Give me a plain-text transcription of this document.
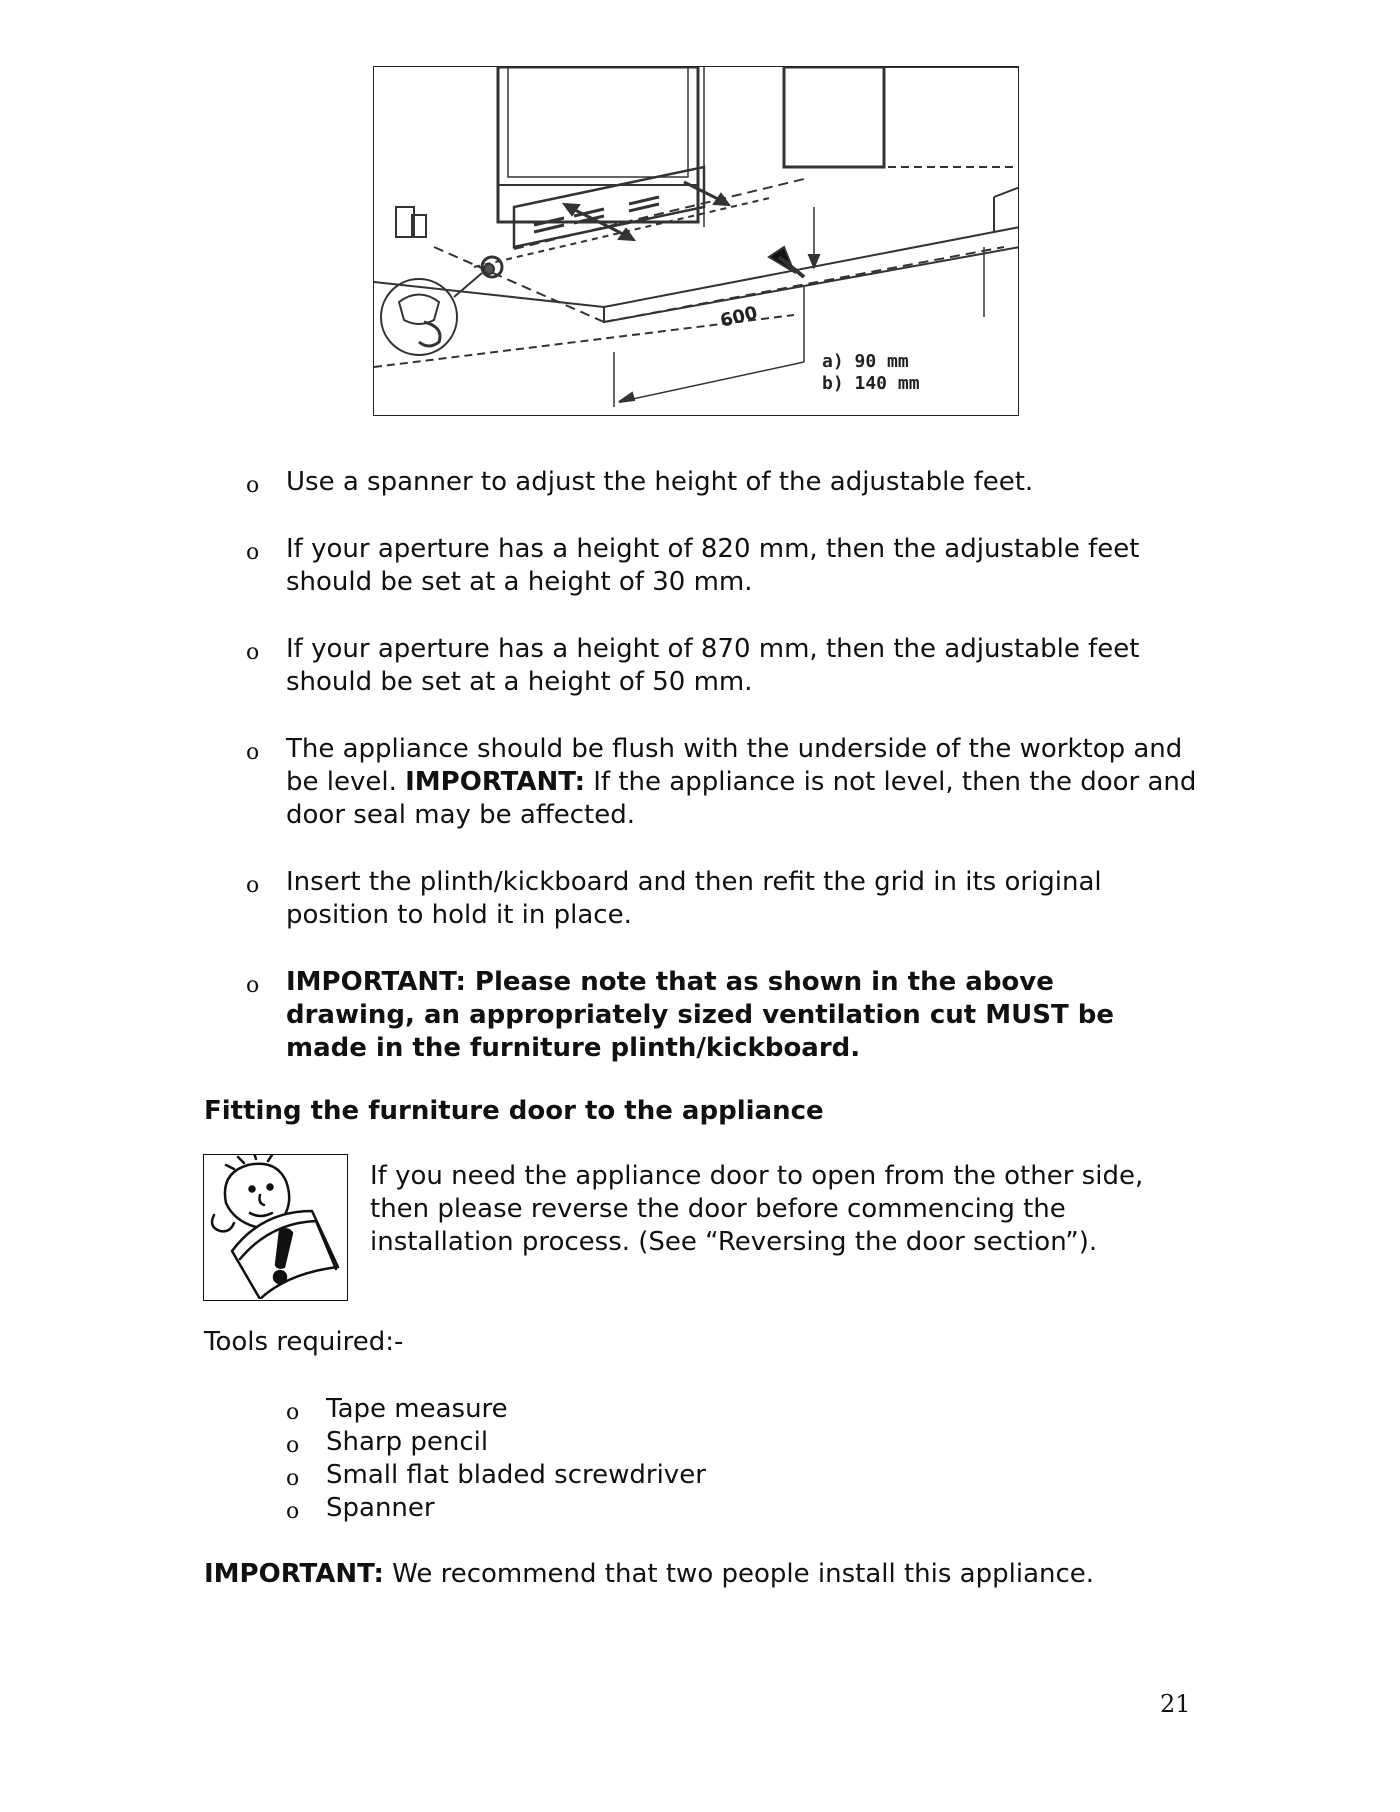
600
a) 90 mm
b) 140 mm
o Use a spanner to adjust the height of the adjustable feet.
o If your aperture has a height of 820 mm, then the adjustable feet should be set at a height of 30 mm.
o If your aperture has a height of 870 mm, then the adjustable feet should be set at a height of 50 mm.
o The appliance should be flush with the underside of the worktop and be level. IMPORTANT: If the appliance is not level, then the door and door seal may be affected.
o Insert the plinth/kickboard and then refit the grid in its original position to hold it in place.
o IMPORTANT: Please note that as shown in the above drawing, an appropriately sized ventilation cut MUST be made in the furniture plinth/kickboard.
Fitting the furniture door to the appliance
If you need the appliance door to open from the other side, then please reverse the door before commencing the installation process. (See “Reversing the door section”).
Tools required:-
o Tape measure
o Sharp pencil
o Small flat bladed screwdriver
o Spanner
IMPORTANT: We recommend that two people install this appliance.
21
